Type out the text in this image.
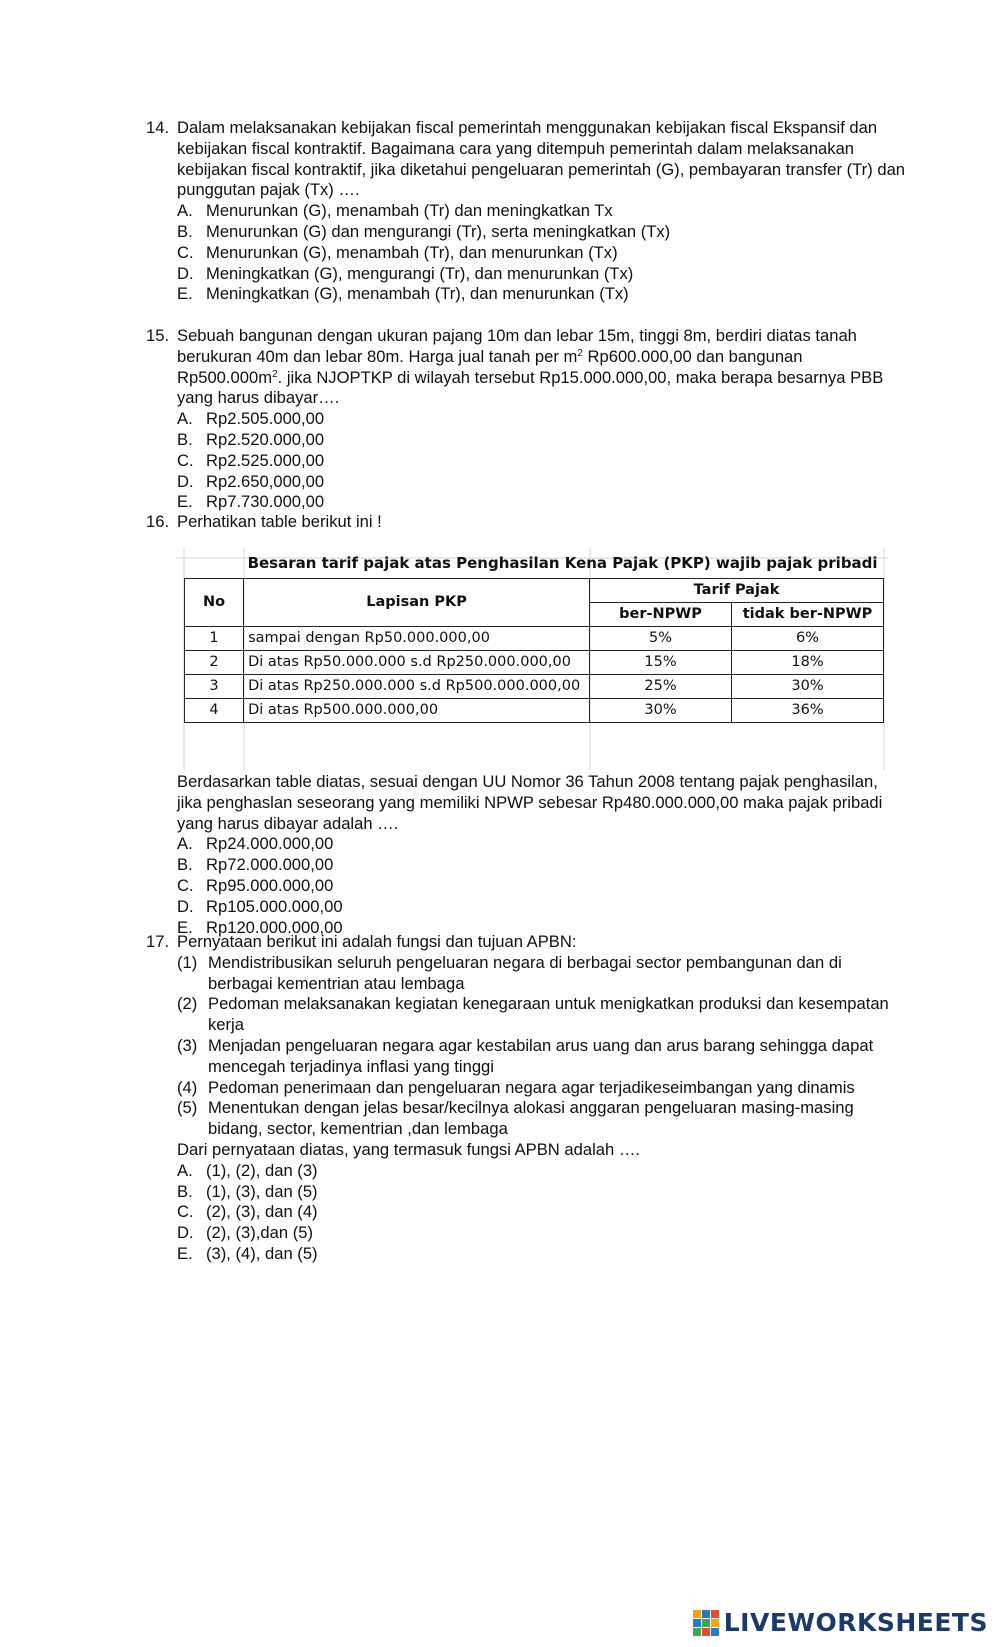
14. Dalam melaksanakan kebijakan fiscal pemerintah menggunakan kebijakan fiscal Ekspansif dan kebijakan fiscal kontraktif. Bagaimana cara yang ditempuh pemerintah dalam melaksanakan kebijakan fiscal kontraktif, jika diketahui pengeluaran pemerintah (G), pembayaran transfer (Tr) dan punggutan pajak (Tx) ….
A. Menurunkan (G), menambah (Tr) dan meningkatkan Tx
B. Menurunkan (G) dan mengurangi (Tr), serta meningkatkan (Tx)
C. Menurunkan (G), menambah (Tr), dan menurunkan (Tx)
D. Meningkatkan (G), mengurangi (Tr), dan menurunkan (Tx)
E. Meningkatkan (G), menambah (Tr), dan menurunkan (Tx)
15. Sebuah bangunan dengan ukuran pajang 10m dan lebar 15m, tinggi 8m, berdiri diatas tanah berukuran 40m dan lebar 80m. Harga jual tanah per $m^2$ Rp600.000,00 dan bangunan $Rp500.000m^2$. jika NJOPTKP di wilayah tersebut Rp15.000.000,00, maka berapa besarnya PBB yang harus dibayar….
A. Rp2.505.000,00
B. Rp2.520.000,00
C. Rp2.525.000,00
D. Rp2.650,000,00
E. Rp7.730.000,00
16. Perhatikan table berikut ini !
	Besaran tarif pajak atas Penghasilan Kena Pajak (PKP) wajib pajak pribadi		
No	Lapisan PKP	Tarif Pajak	
		ber-NPWP	tidak ber-NPWP
1	sampai dengan Rp50.000.000,00	5%	6%
2	Di atas Rp50.000.000 s.d Rp250.000.000,00	15%	18%
3	Di atas Rp250.000.000 s.d Rp500.000.000,00	25%	30%
4	Di atas Rp500.000.000,00	30%	36%
Berdasarkan table diatas, sesuai dengan UU Nomor 36 Tahun 2008 tentang pajak penghasilan, jika penghaslan seseorang yang memiliki NPWP sebesar Rp480.000.000,00 maka pajak pribadi yang harus dibayar adalah ….
A. Rp24.000.000,00
B. Rp72.000.000,00
C. Rp95.000.000,00
D. Rp105.000.000,00
E. Rp120.000.000,00
17. Pernyataan berikut ini adalah fungsi dan tujuan APBN:
(1) Mendistribusikan seluruh pengeluaran negara di berbagai sector pembangunan dan di berbagai kementrian atau lembaga
(2) Pedoman melaksanakan kegiatan kenegaraan untuk menigkatkan produksi dan kesempatan kerja
(3) Menjadan pengeluaran negara agar kestabilan arus uang dan arus barang sehingga dapat mencegah terjadinya inflasi yang tinggi
(4) Pedoman penerimaan dan pengeluaran negara agar terjadikeseimbangan yang dinamis
(5) Menentukan dengan jelas besar/kecilnya alokasi anggaran pengeluaran masing-masing bidang, sector, kementrian ,dan lembaga
Dari pernyataan diatas, yang termasuk fungsi APBN adalah ….
A. (1), (2), dan (3)
B. (1), (3), dan (5)
C. (2), (3), dan (4)
D. (2), (3),dan (5)
E. (3), (4), dan (5)
LIVEWORKSHEETS
